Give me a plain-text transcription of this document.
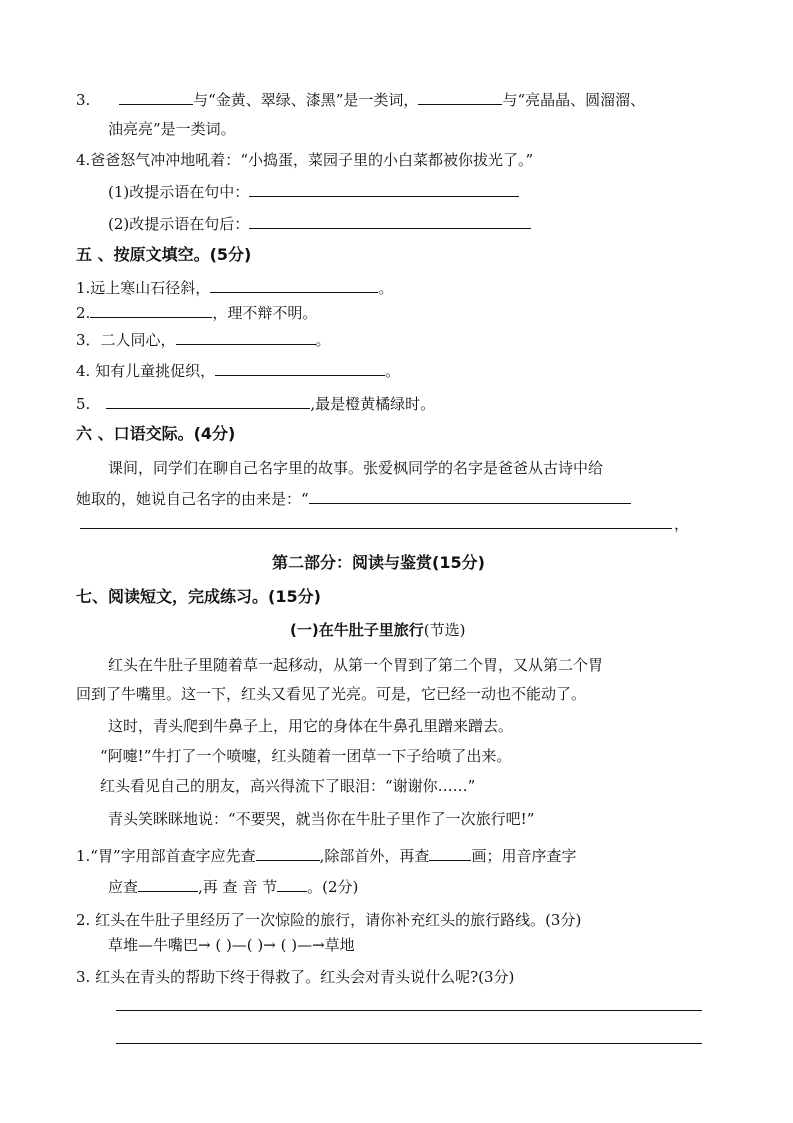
3.	与“金黄、翠绿、漆黑”是一类词，	与“亮晶晶、圆溜溜、
油亮亮”是一类词。
4.爸爸怒气冲冲地吼着：“小捣蛋，菜园子里的小白菜都被你拔光了。”
(1)改提示语在句中：
(2)改提示语在句后：
五 、按原文填空。(5分)
1.远上寒山石径斜，	。
2.	，理不辩不明。
3．二人同心，	。
4. 知有儿童挑促织，	。
5.	,最是橙黄橘绿时。
六 、口语交际。(4分)
课间，同学们在聊自己名字里的故事。张爱枫同学的名字是爸爸从古诗中给
她取的，她说自己名字的由来是：“
，
第二部分：阅读与鉴赏(15分)
七、阅读短文，完成练习。(15分)
(一)在牛肚子里旅行(节选)
红头在牛肚子里随着草一起移动，从第一个胃到了第二个胃，又从第二个胃
回到了牛嘴里。这一下，红头又看见了光亮。可是，它已经一动也不能动了。
这时，青头爬到牛鼻子上，用它的身体在牛鼻孔里蹭来蹭去。
“阿嚏!”牛打了一个喷嚏，红头随着一团草一下子给喷了出来。
红头看见自己的朋友，高兴得流下了眼泪：“谢谢你……”
青头笑眯眯地说：“不要哭，就当你在牛肚子里作了一次旅行吧!”
1.“胃”字用部首查字应先查	,除部首外，再查	画；用音序查字
应查	,再 查 音 节 。(2分)
2. 红头在牛肚子里经历了一次惊险的旅行，请你补充红头的旅行路线。(3分)
草堆—牛嘴巴→ ( )—( )→ ( )—→草地
3. 红头在青头的帮助下终于得救了。红头会对青头说什么呢?(3分)
